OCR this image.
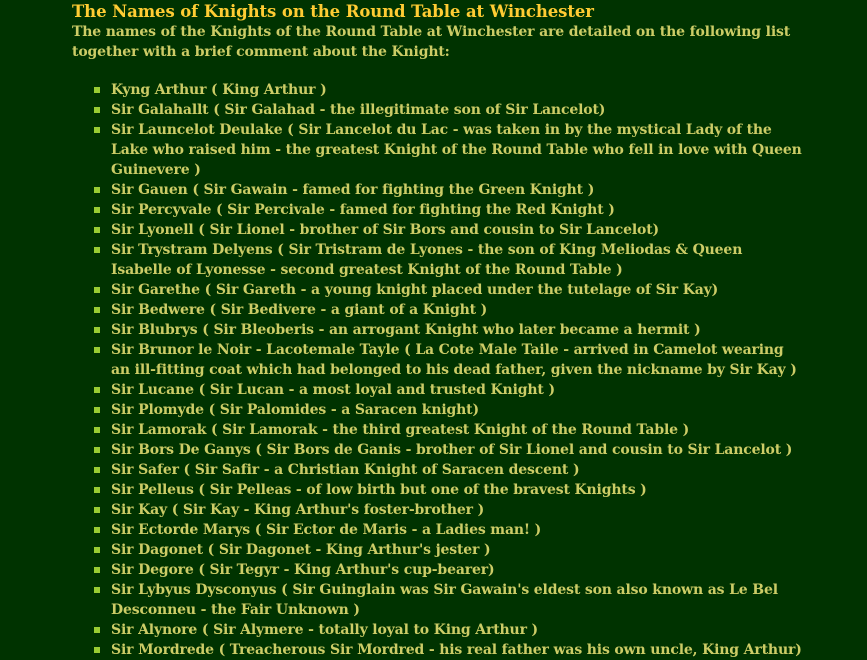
The Names of Knights on the Round Table at Winchester

The names of the Knights of the Round Table at Winchester are detailed on the following list together with a brief comment about the Knight:

Kyng Arthur ( King Arthur )
Sir Galahallt ( Sir Galahad - the illegitimate son of Sir Lancelot)
Sir Launcelot Deulake ( Sir Lancelot du Lac - was taken in by the mystical Lady of the Lake who raised him - the greatest Knight of the Round Table who fell in love with Queen Guinevere )
Sir Gauen ( Sir Gawain - famed for fighting the Green Knight )
Sir Percyvale ( Sir Percivale - famed for fighting the Red Knight )
Sir Lyonell ( Sir Lionel - brother of Sir Bors and cousin to Sir Lancelot)
Sir Trystram Delyens ( Sir Tristram de Lyones - the son of King Meliodas & Queen Isabelle of Lyonesse - second greatest Knight of the Round Table )
Sir Garethe ( Sir Gareth - a young knight placed under the tutelage of Sir Kay)
Sir Bedwere ( Sir Bedivere - a giant of a Knight )
Sir Blubrys ( Sir Bleoberis - an arrogant Knight who later became a hermit )
Sir Brunor le Noir - Lacotemale Tayle ( La Cote Male Taile - arrived in Camelot wearing an ill-fitting coat which had belonged to his dead father, given the nickname by Sir Kay )
Sir Lucane ( Sir Lucan - a most loyal and trusted Knight )
Sir Plomyde ( Sir Palomides - a Saracen knight)
Sir Lamorak ( Sir Lamorak - the third greatest Knight of the Round Table )
Sir Bors De Ganys ( Sir Bors de Ganis - brother of Sir Lionel and cousin to Sir Lancelot )
Sir Safer ( Sir Safir - a Christian Knight of Saracen descent )
Sir Pelleus ( Sir Pelleas - of low birth but one of the bravest Knights )
Sir Kay ( Sir Kay - King Arthur's foster-brother )
Sir Ectorde Marys ( Sir Ector de Maris - a Ladies man! )
Sir Dagonet ( Sir Dagonet - King Arthur's jester )
Sir Degore ( Sir Tegyr - King Arthur's cup-bearer)
Sir Lybyus Dysconyus ( Sir Guinglain was Sir Gawain's eldest son also known as Le Bel Desconneu - the Fair Unknown )
Sir Alynore ( Sir Alymere - totally loyal to King Arthur )
Sir Mordrede ( Treacherous Sir Mordred - his real father was his own uncle, King Arthur)
